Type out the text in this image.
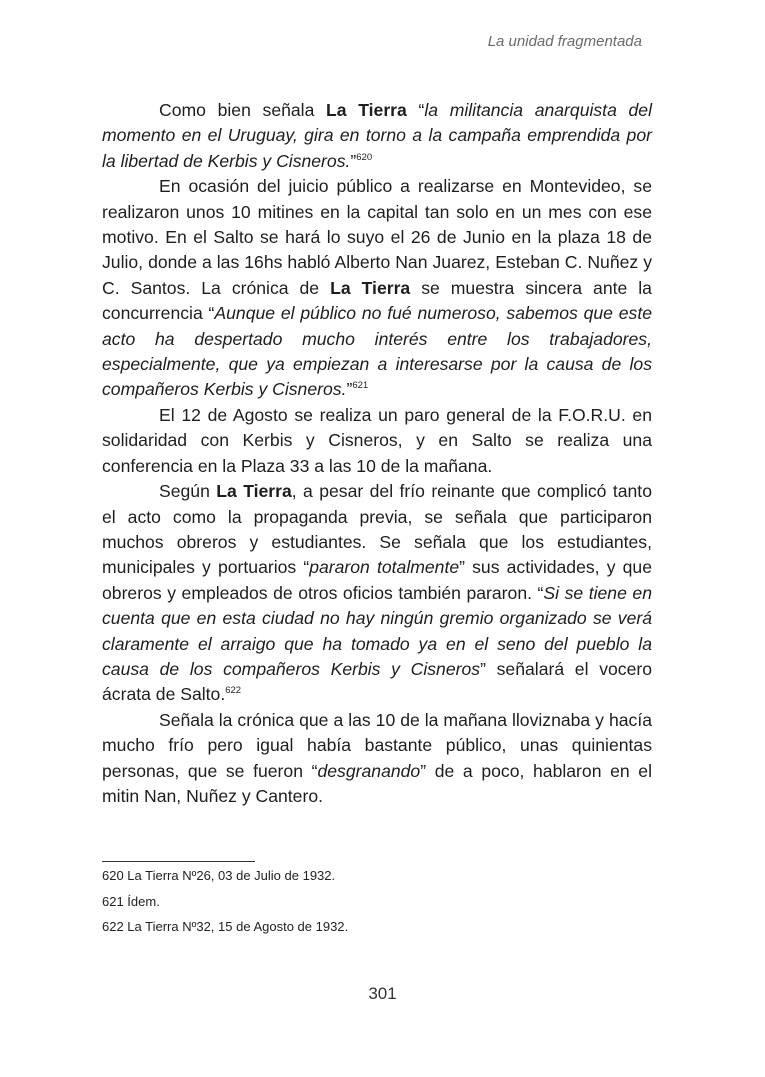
La unidad fragmentada

Como bien señala La Tierra “la militancia anarquista del momento en el Uruguay, gira en torno a la campaña emprendida por la libertad de Kerbis y Cisneros.”$^{620}$

En ocasión del juicio público a realizarse en Montevideo, se realizaron unos 10 mitines en la capital tan solo en un mes con ese motivo. En el Salto se hará lo suyo el 26 de Junio en la plaza 18 de Julio, donde a las 16hs habló Alberto Nan Juarez, Esteban C. Nuñez y C. Santos. La crónica de La Tierra se muestra sincera ante la concurrencia “Aunque el público no fué numeroso, sabemos que este acto ha despertado mucho interés entre los trabajadores, especialmente, que ya empiezan a interesarse por la causa de los compañeros Kerbis y Cisneros.”$^{621}$

El 12 de Agosto se realiza un paro general de la F.O.R.U. en solidaridad con Kerbis y Cisneros, y en Salto se realiza una conferencia en la Plaza 33 a las 10 de la mañana.

Según La Tierra, a pesar del frío reinante que complicó tanto el acto como la propaganda previa, se señala que participaron muchos obreros y estudiantes. Se señala que los estudiantes, municipales y portuarios “pararon totalmente” sus actividades, y que obreros y empleados de otros oficios también pararon. “Si se tiene en cuenta que en esta ciudad no hay ningún gremio organizado se verá claramente el arraigo que ha tomado ya en el seno del pueblo la causa de los compañeros Kerbis y Cisneros” señalará el vocero ácrata de Salto.$^{622}$

Señala la crónica que a las 10 de la mañana lloviznaba y hacía mucho frío pero igual había bastante público, unas quinientas personas, que se fueron “desgranando” de a poco, hablaron en el mitin Nan, Nuñez y Cantero.

620 La Tierra Nº26, 03 de Julio de 1932.

621 Ídem.

622 La Tierra Nº32, 15 de Agosto de 1932.

301
